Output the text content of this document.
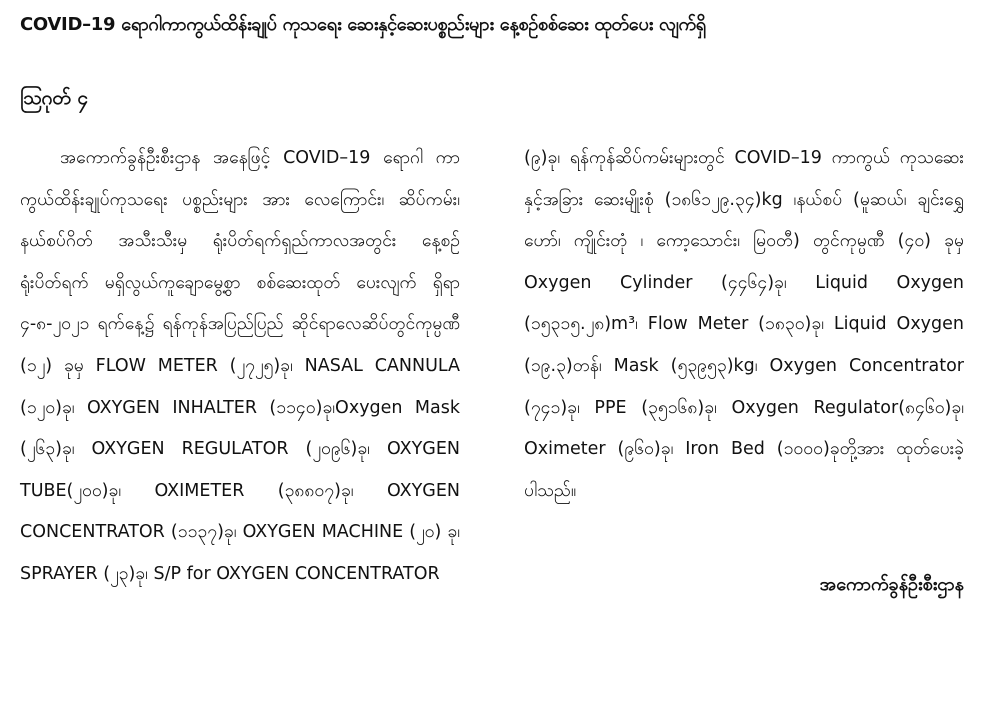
COVID–19 ရောဂါကာကွယ်ထိန်းချုပ် ကုသရေး ဆေးနှင့်ဆေးပစ္စည်းများ နေ့စဉ်စစ်ဆေး ထုတ်ပေး လျက်ရှိ
ဩဂုတ် ၄

အကောက်ခွန်ဦးစီးဌာန အနေဖြင့် COVID–19 ရောဂါ ကာကွယ်ထိန်းချုပ်ကုသရေး ပစ္စည်းများ အား လေကြောင်း၊ ဆိပ်ကမ်း၊ နယ်စပ်ဂိတ် အသီးသီးမှ ရုံးပိတ်ရက်ရှည်ကာလအတွင်း နေ့စဉ်ရုံးပိတ်ရက် မရှိလွယ်ကူချောမွေ့စွာ စစ်ဆေးထုတ် ပေးလျက် ရှိရာ ၄-၈-၂၀၂၁ ရက်နေ့၌ ရန်ကုန်အပြည်ပြည် ဆိုင်ရာလေဆိပ်တွင်ကုမ္ပဏီ (၁၂) ခုမှ FLOW METER (၂၇၂၅)ခု၊ NASAL CANNULA (၁၂၀)ခု၊ OXYGEN INHALTER (၁၁၄၀)ခု၊Oxygen Mask (၂၆၃)ခု၊ OXYGEN REGULATOR (၂၀၉၆)ခု၊ OXYGEN TUBE(၂၀၀)ခု၊ OXIMETER (၃၈၈၀၇)ခု၊ OXYGEN CONCENTRATOR (၁၁၃၇)ခု၊ OXYGEN MACHINE (၂၀) ခု၊ SPRAYER (၂၃)ခု၊ S/P for OXYGEN CONCENTRATOR

(၉)ခု၊ ရန်ကုန်ဆိပ်ကမ်းများတွင် COVID–19 ကာကွယ် ကုသဆေးနှင့်အခြား ဆေးမျိုးစုံ (၁၈၆၁၂၉.၃၄)kg ၊နယ်စပ် (မူဆယ်၊ ချင်းရွှေဟော်၊ ကျိုင်းတုံ ၊ ကော့သောင်း၊ မြဝတီ) တွင်ကုမ္ပဏီ (၄၀) ခုမှ Oxygen Cylinder (၄၄၆၄)ခု၊ Liquid Oxygen (၁၅၃၁၅.၂၈)m³၊ Flow Meter (၁၈၃၀)ခု၊ Liquid Oxygen (၁၉.၃)တန်၊ Mask (၅၃၉၅၃)kg၊ Oxygen Concentrator (၇၄၁)ခု၊ PPE (၃၅၁၆၈)ခု၊ Oxygen Regulator(၈၄၆၀)ခု၊ Oximeter (၉၆၀)ခု၊ Iron Bed (၁၀၀၀)ခုတို့အား ထုတ်ပေးခဲ့ ပါသည်။

အကောက်ခွန်ဦးစီးဌာန
